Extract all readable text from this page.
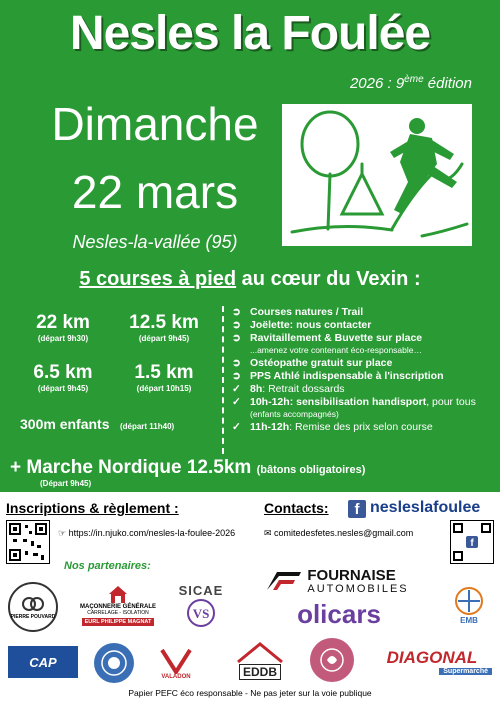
Nesles la Foulée
2026 : 9ème édition
Dimanche
22 mars
Nesles-la-vallée (95)
5 courses à pied au cœur du Vexin :
22 km
(départ 9h30)
12.5 km
(départ 9h45)
6.5 km
(départ 9h45)
1.5 km
(départ 10h15)
300m enfants (départ 11h40)
➲ Courses natures / Trail
➲ Joëlette: nous contacter
➲ Ravitaillement & Buvette sur place
...amenez votre contenant éco-responsable…
➲ Ostéopathe gratuit sur place
➲ PPS Athlé indispensable à l'inscription
✓ 8h: Retrait dossards
✓ 10h-12h: sensibilisation handisport, pour tous (enfants accompagnés)
✓ 11h-12h: Remise des prix selon course
+ Marche Nordique 12.5km (bâtons obligatoires)
(Départ 9h45)
Inscriptions & règlement :
☞ https://in.njuko.com/nesles-la-foulee-2026
Contacts:	f nesleslafoulee
✉ comitedesfetes.nesles@gmail.com
f
Nos partenaires:
PIERRE POUVARD
MAÇONNERIE GÉNÉRALE
CARRELAGE - ISOLATION
EURL PHILIPPE MAGNAT
SICAE
VS
FOURNAISE
AUTOMOBILES
olicars	EMB
CAP
VALADON	EDDB
DIAGONAL
Supermarché
Papier PEFC éco responsable - Ne pas jeter sur la voie publique
